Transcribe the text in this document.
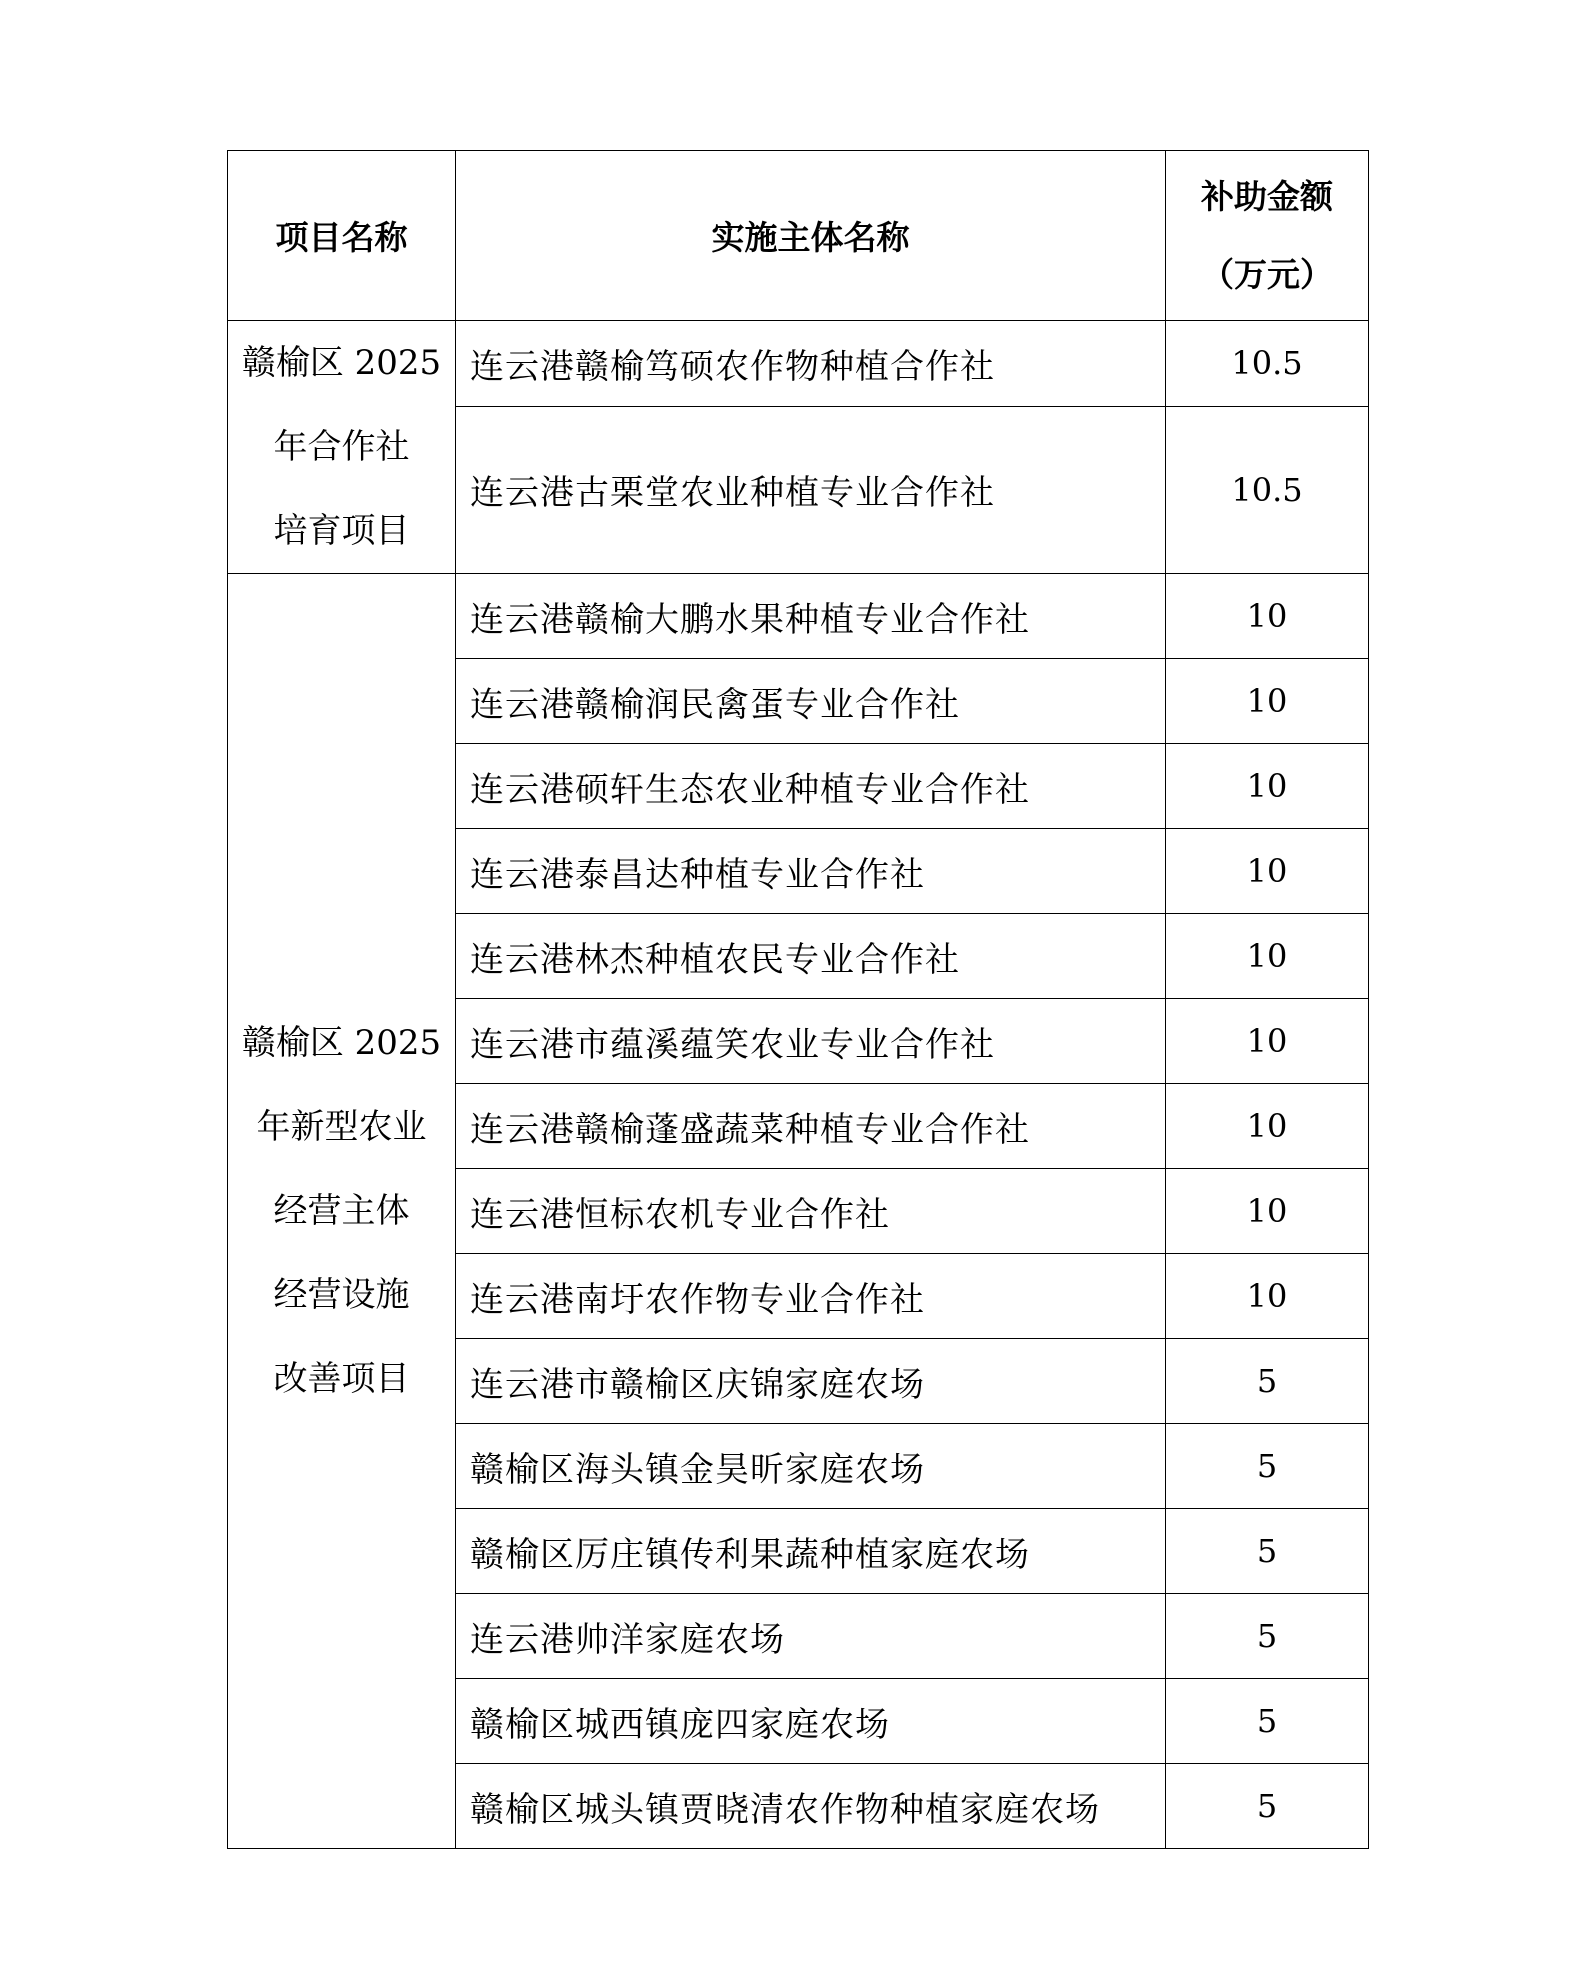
项目名称	实施主体名称	补助金额
（万元）

赣榆区 2025
年合作社
培育项目	连云港赣榆笃硕农作物种植合作社	10.5
	连云港古栗堂农业种植专业合作社	10.5

赣榆区 2025
年新型农业
经营主体
经营设施
改善项目	连云港赣榆大鹏水果种植专业合作社	10
	连云港赣榆润民禽蛋专业合作社	10
	连云港硕轩生态农业种植专业合作社	10
	连云港泰昌达种植专业合作社	10
	连云港林杰种植农民专业合作社	10
	连云港市蕴溪蕴笑农业专业合作社	10
	连云港赣榆蓬盛蔬菜种植专业合作社	10
	连云港恒标农机专业合作社	10
	连云港南圩农作物专业合作社	10
	连云港市赣榆区庆锦家庭农场	5
	赣榆区海头镇金昊昕家庭农场	5
	赣榆区厉庄镇传利果蔬种植家庭农场	5
	连云港帅洋家庭农场	5
	赣榆区城西镇庞四家庭农场	5
	赣榆区城头镇贾晓清农作物种植家庭农场	5
